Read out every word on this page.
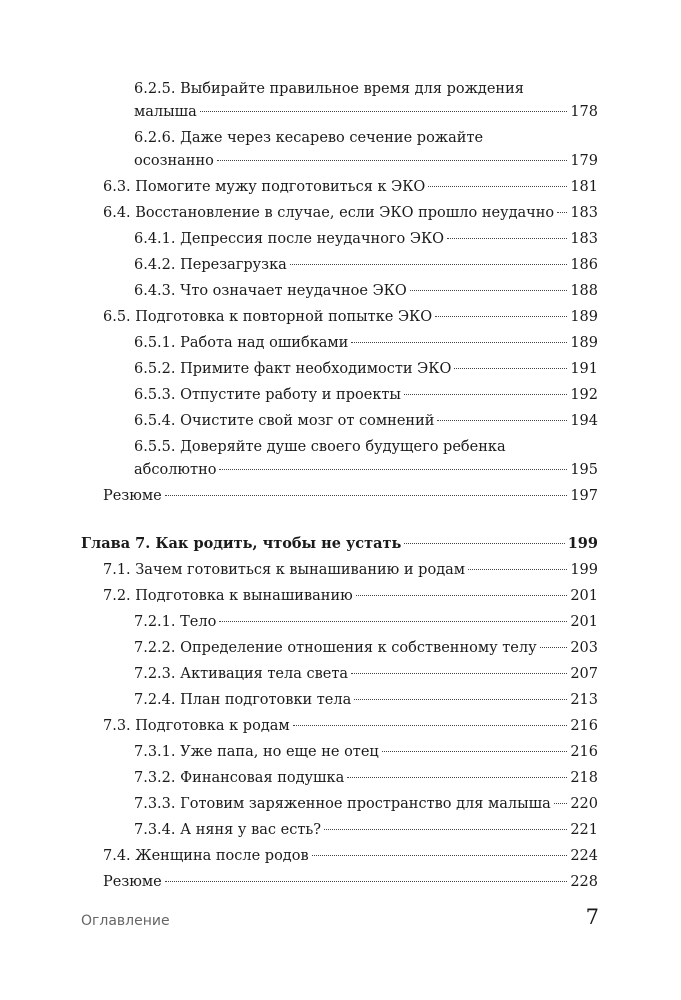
6.2.5. Выбирайте правильное время для рождения
малыша	178
6.2.6. Даже через кесарево сечение рожайте
осознанно	179
6.3. Помогите мужу подготовиться к ЭКО	181
6.4. Восстановление в случае, если ЭКО прошло неудачно 183
6.4.1. Депрессия после неудачного ЭКО	183
6.4.2. Перезагрузка	186
6.4.3. Что означает неудачное ЭКО	188
6.5. Подготовка к повторной попытке ЭКО	189
6.5.1. Работа над ошибками	189
6.5.2. Примите факт необходимости ЭКО	191
6.5.3. Отпустите работу и проекты	192
6.5.4. Очистите свой мозг от сомнений	194
6.5.5. Доверяйте душе своего будущего ребенка
абсолютно	195
Резюме	197
Глава 7. Как родить, чтобы не устать	199
7.1. Зачем готовиться к вынашиванию и родам	199
7.2. Подготовка к вынашиванию	201
7.2.1. Тело	201
7.2.2. Определение отношения к собственному телу 203
7.2.3. Активация тела света	207
7.2.4. План подготовки тела	213
7.3. Подготовка к родам	216
7.3.1. Уже папа, но еще не отец	216
7.3.2. Финансовая подушка	218
7.3.3. Готовим заряженное пространство для малыша 220
7.3.4. А няня у вас есть?	221
7.4. Женщина после родов	224
Резюме	228
Оглавление	7
